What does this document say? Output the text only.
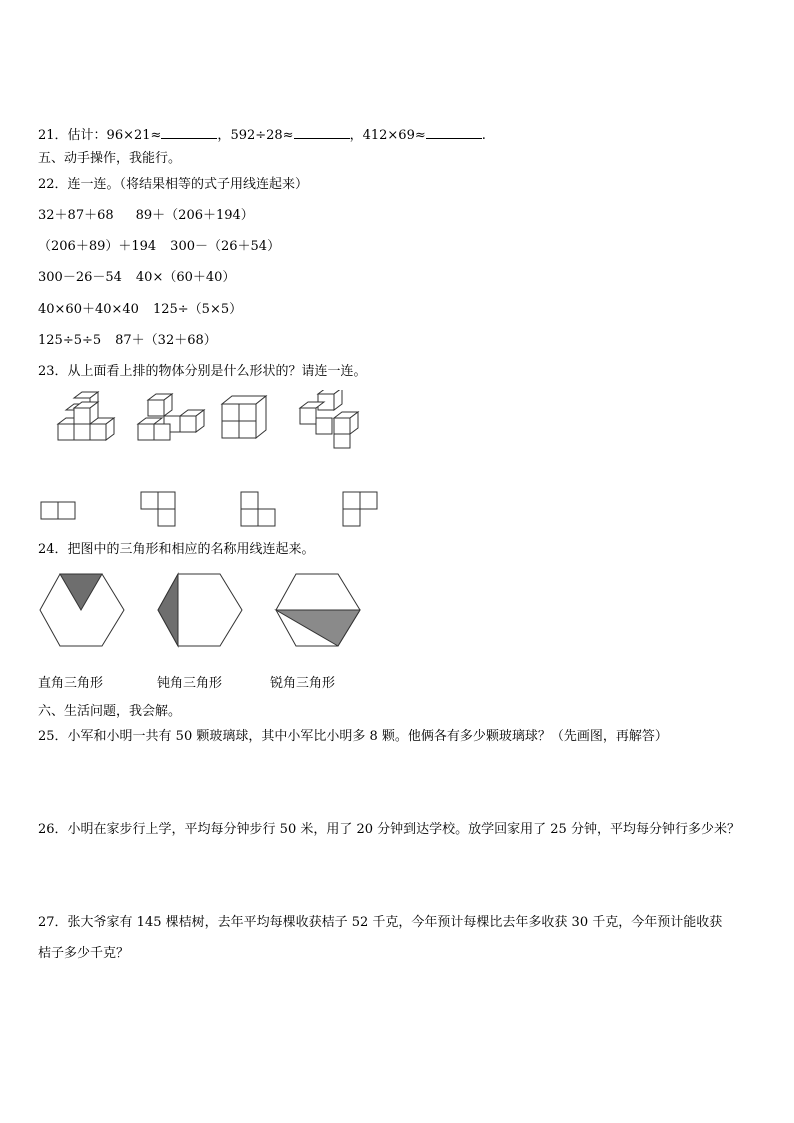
21．估计：96×21≈	，592÷28≈	，412×69≈	.
五、动手操作，我能行。
22．连一连。（将结果相等的式子用线连起来）
32＋87＋68 89＋（206＋194）
（206＋89）＋194 300－（26＋54）
300－26－54 40×（60＋40）
40×60＋40×40 125÷（5×5）
125÷5÷5 87＋（32＋68）
23．从上面看上排的物体分别是什么形状的？请连一连。
24．把图中的三角形和相应的名称用线连起来。
直角三角形	钝角三角形	锐角三角形
六、生活问题，我会解。
25．小军和小明一共有 50 颗玻璃球，其中小军比小明多 8 颗。他俩各有多少颗玻璃球？（先画图，再解答）
26．小明在家步行上学，平均每分钟步行 50 米，用了 20 分钟到达学校。放学回家用了 25 分钟，平均每分钟行多少米？
27．张大爷家有 145 棵桔树，去年平均每棵收获桔子 52 千克，今年预计每棵比去年多收获 30 千克，今年预计能收获
桔子多少千克？
